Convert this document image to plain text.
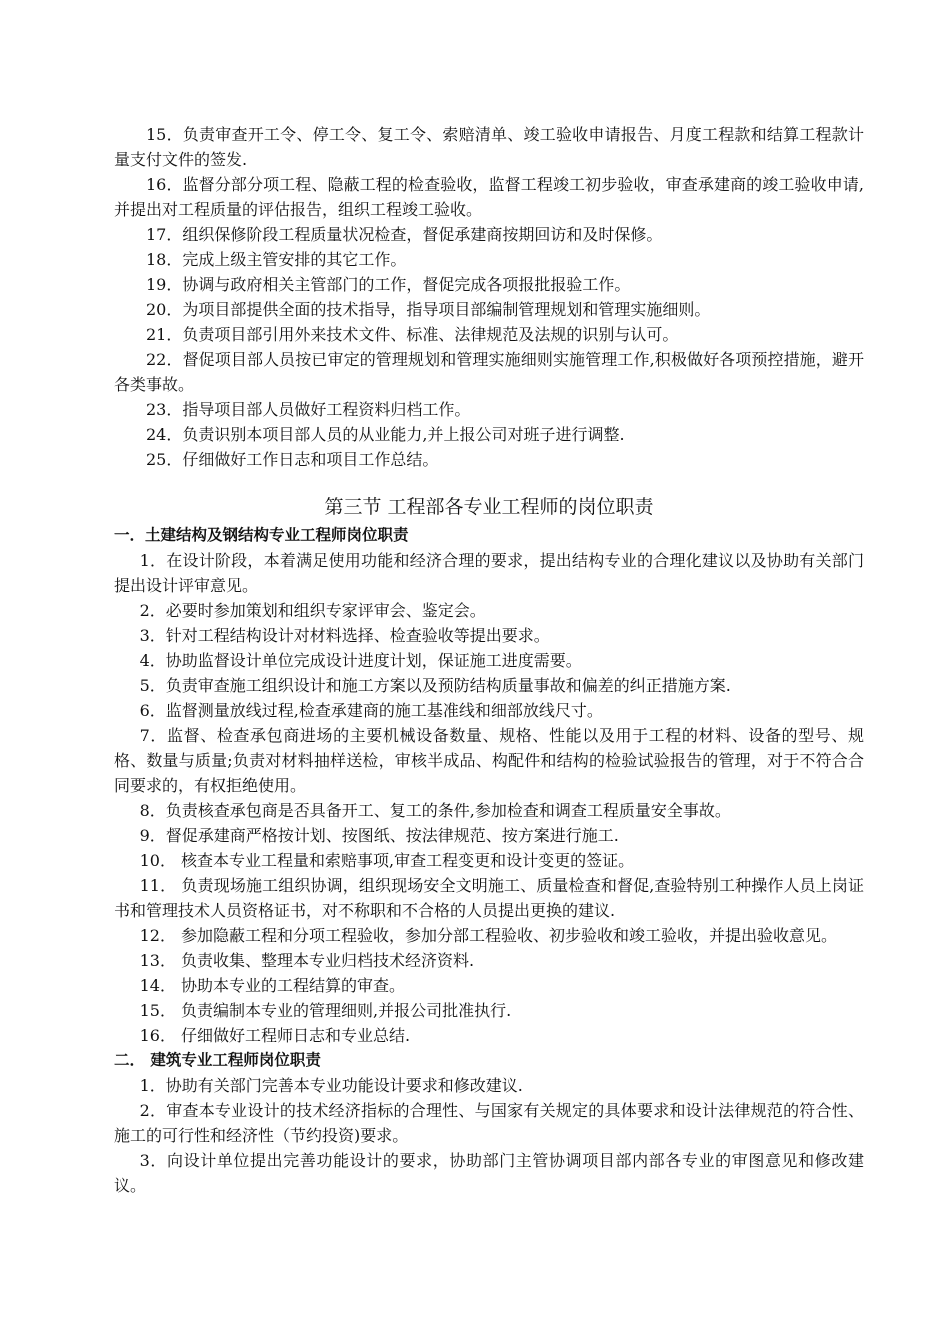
15．负责审查开工令、停工令、复工令、索赔清单、竣工验收申请报告、月度工程款和结算工程款计量支付文件的签发.

16．监督分部分项工程、隐蔽工程的检查验收，监督工程竣工初步验收，审查承建商的竣工验收申请,并提出对工程质量的评估报告，组织工程竣工验收。

17．组织保修阶段工程质量状况检查，督促承建商按期回访和及时保修。

18．完成上级主管安排的其它工作。

19．协调与政府相关主管部门的工作，督促完成各项报批报验工作。

20．为项目部提供全面的技术指导，指导项目部编制管理规划和管理实施细则。

21．负责项目部引用外来技术文件、标准、法律规范及法规的识别与认可。

22．督促项目部人员按已审定的管理规划和管理实施细则实施管理工作,积极做好各项预控措施，避开各类事故。

23．指导项目部人员做好工程资料归档工作。

24．负责识别本项目部人员的从业能力,并上报公司对班子进行调整.

25．仔细做好工作日志和项目工作总结。

第三节 工程部各专业工程师的岗位职责
一．土建结构及钢结构专业工程师岗位职责

1．在设计阶段，本着满足使用功能和经济合理的要求，提出结构专业的合理化建议以及协助有关部门提出设计评审意见。

2．必要时参加策划和组织专家评审会、鉴定会。

3．针对工程结构设计对材料选择、检查验收等提出要求。

4．协助监督设计单位完成设计进度计划，保证施工进度需要。

5．负责审查施工组织设计和施工方案以及预防结构质量事故和偏差的纠正措施方案.

6．监督测量放线过程,检查承建商的施工基准线和细部放线尺寸。

7．监督、检查承包商进场的主要机械设备数量、规格、性能以及用于工程的材料、设备的型号、规格、数量与质量;负责对材料抽样送检，审核半成品、构配件和结构的检验试验报告的管理，对于不符合合同要求的，有权拒绝使用。

8．负责核查承包商是否具备开工、复工的条件,参加检查和调查工程质量安全事故。

9．督促承建商严格按计划、按图纸、按法律规范、按方案进行施工.

10． 核查本专业工程量和索赔事项,审查工程变更和设计变更的签证。

11． 负责现场施工组织协调，组织现场安全文明施工、质量检查和督促,查验特别工种操作人员上岗证书和管理技术人员资格证书，对不称职和不合格的人员提出更换的建议.

12． 参加隐蔽工程和分项工程验收，参加分部工程验收、初步验收和竣工验收，并提出验收意见。

13． 负责收集、整理本专业归档技术经济资料.

14． 协助本专业的工程结算的审查。

15． 负责编制本专业的管理细则,并报公司批准执行.

16． 仔细做好工程师日志和专业总结.

二． 建筑专业工程师岗位职责

1．协助有关部门完善本专业功能设计要求和修改建议.

2．审查本专业设计的技术经济指标的合理性、与国家有关规定的具体要求和设计法律规范的符合性、施工的可行性和经济性（节约投资)要求。

3．向设计单位提出完善功能设计的要求，协助部门主管协调项目部内部各专业的审图意见和修改建议。
